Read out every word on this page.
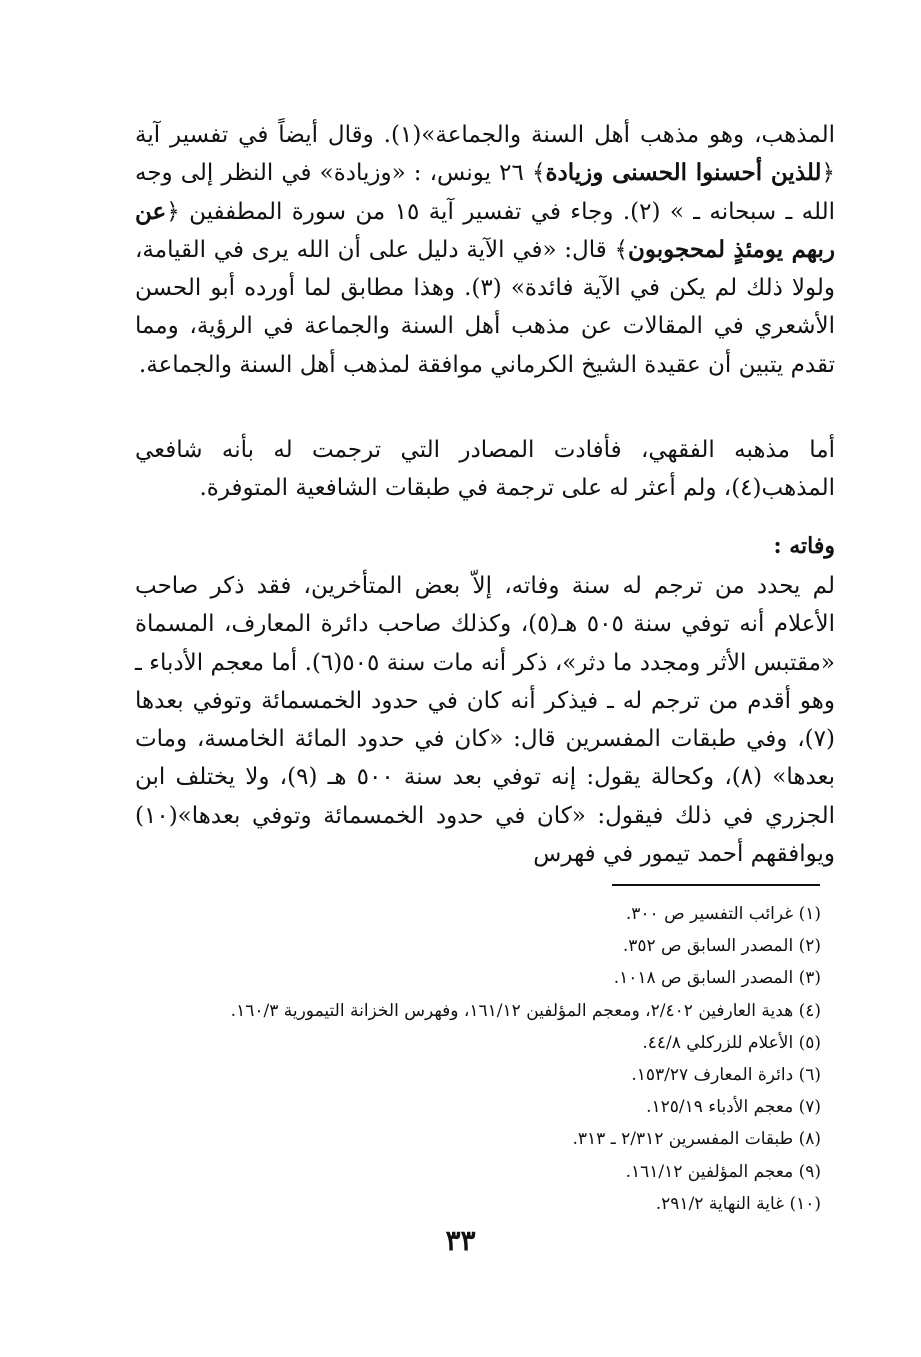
المذهب، وهو مذهب أهل السنة والجماعة»(١). وقال أيضاً في تفسير آية ﴿للذين أحسنوا الحسنى وزيادة﴾ ٢٦ يونس، : «وزيادة» في النظر إلى وجه الله ـ سبحانه ـ » (٢). وجاء في تفسير آية ١٥ من سورة المطففين ﴿عن ربهم يومئذٍ لمحجوبون﴾ قال: «في الآية دليل على أن الله يرى في القيامة، ولولا ذلك لم يكن في الآية فائدة» (٣). وهذا مطابق لما أورده أبو الحسن الأشعري في المقالات عن مذهب أهل السنة والجماعة في الرؤية، ومما تقدم يتبين أن عقيدة الشيخ الكرماني موافقة لمذهب أهل السنة والجماعة.

أما مذهبه الفقهي، فأفادت المصادر التي ترجمت له بأنه شافعي المذهب(٤)، ولم أعثر له على ترجمة في طبقات الشافعية المتوفرة.

وفاته :

لم يحدد من ترجم له سنة وفاته، إلاّ بعض المتأخرين، فقد ذكر صاحب الأعلام أنه توفي سنة ٥٠٥ هـ(٥)، وكذلك صاحب دائرة المعارف، المسماة «مقتبس الأثر ومجدد ما دثر»، ذكر أنه مات سنة ٥٠٥(٦). أما معجم الأدباء ـ وهو أقدم من ترجم له ـ فيذكر أنه كان في حدود الخمسمائة وتوفي بعدها (٧)، وفي طبقات المفسرين قال: «كان في حدود المائة الخامسة، ومات بعدها» (٨)، وكحالة يقول: إنه توفي بعد سنة ٥٠٠ هـ (٩)، ولا يختلف ابن الجزري في ذلك فيقول: «كان في حدود الخمسمائة وتوفي بعدها»(١٠) ويوافقهم أحمد تيمور في فهرس

(١) غرائب التفسير ص ٣٠٠.
(٢) المصدر السابق ص ٣٥٢.
(٣) المصدر السابق ص ١٠١٨.
(٤) هدية العارفين ٢/٤٠٢، ومعجم المؤلفين ١٦١/١٢، وفهرس الخزانة التيمورية ١٦٠/٣.
(٥) الأعلام للزركلي ٤٤/٨.
(٦) دائرة المعارف ١٥٣/٢٧.
(٧) معجم الأدباء ١٢٥/١٩.
(٨) طبقات المفسرين ٢/٣١٢ ـ ٣١٣.
(٩) معجم المؤلفين ١٦١/١٢.
(١٠) غاية النهاية ٢٩١/٢.
٣٣
